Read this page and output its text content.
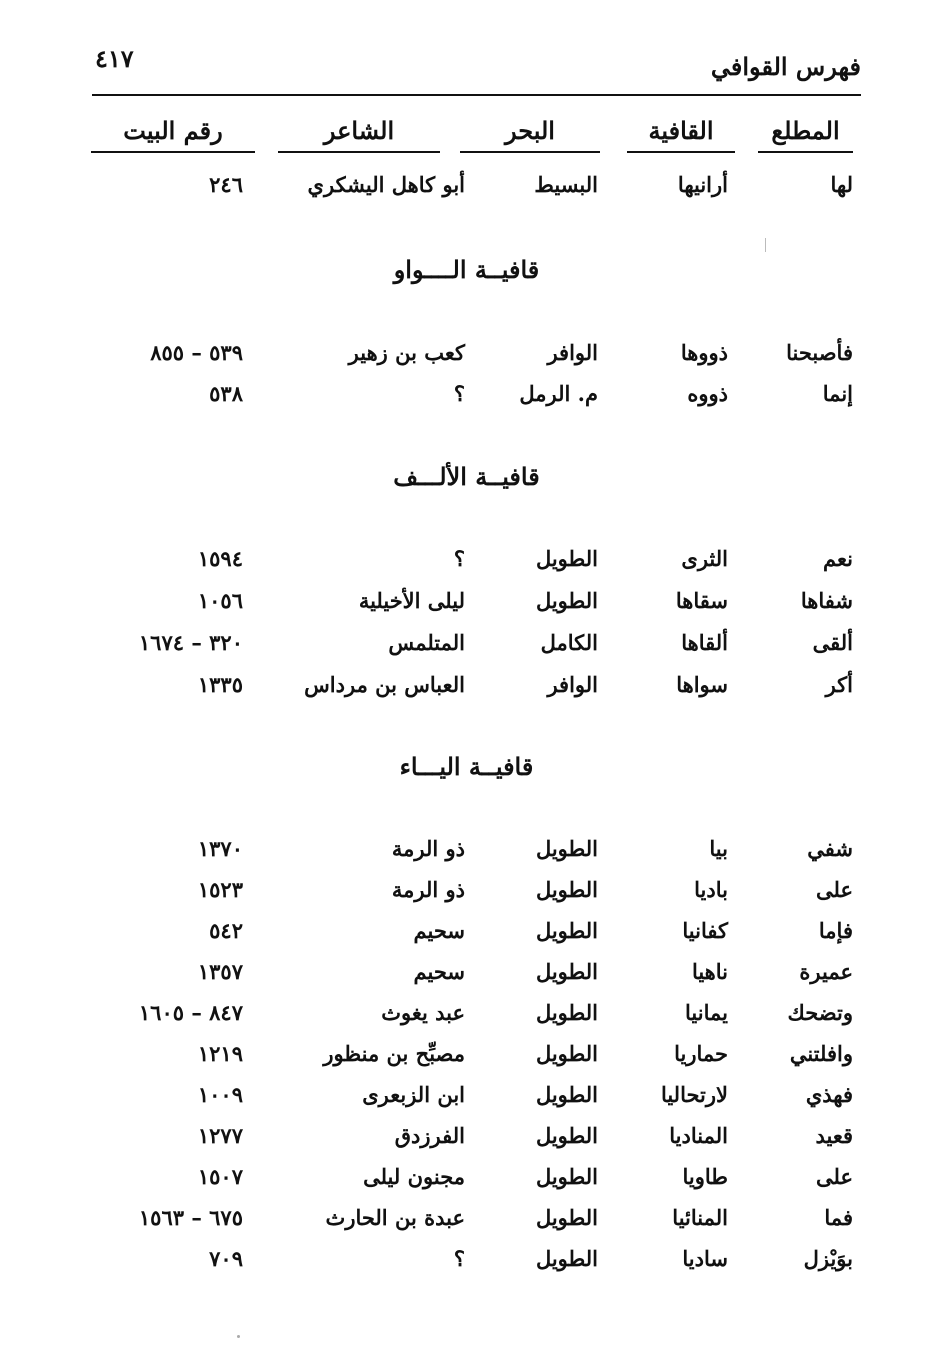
فهرس القوافي
٤١٧
المطلع
القافية
البحر
الشاعر
رقم البيت
لها
أرانيها
البسيط
أبو كاهل اليشكري
٢٤٦
قافيــة الــــواو
فأصبحنا
ذووها
الوافر
كعب بن زهير
٥٣٩ – ٨٥٥
إنما
ذووه
م. الرمل
؟
٥٣٨
قافيــة الألـــف
نعم
الثرى
الطويل
؟
١٥٩٤
شفاها
سقاها
الطويل
ليلى الأخيلية
١٠٥٦
ألقى
ألقاها
الكامل
المتلمس
٣٢٠ – ١٦٧٤
أكر
سواها
الوافر
العباس بن مرداس
١٣٣٥
قافيــة اليـــاء
شفي
بيا
الطويل
ذو الرمة
١٣٧٠
على
باديا
الطويل
ذو الرمة
١٥٢٣
فإما
كفانيا
الطويل
سحيم
٥٤٢
عميرة
ناهيا
الطويل
سحيم
١٣٥٧
وتضحك
يمانيا
الطويل
عبد يغوث
٨٤٧ – ١٦٠٥
وافلتني
حماريا
الطويل
مصبِّح بن منظور
١٢١٩
فهذي
لارتحاليا
الطويل
ابن الزبعرى
١٠٠٩
قعيد
المناديا
الطويل
الفرزدق
١٢٧٧
على
طاويا
الطويل
مجنون ليلى
١٥٠٧
فما
المنائيا
الطويل
عبدة بن الحارث
٦٧٥ – ١٥٦٣
بوَيْزل
ساديا
الطويل
؟
٧٠٩
